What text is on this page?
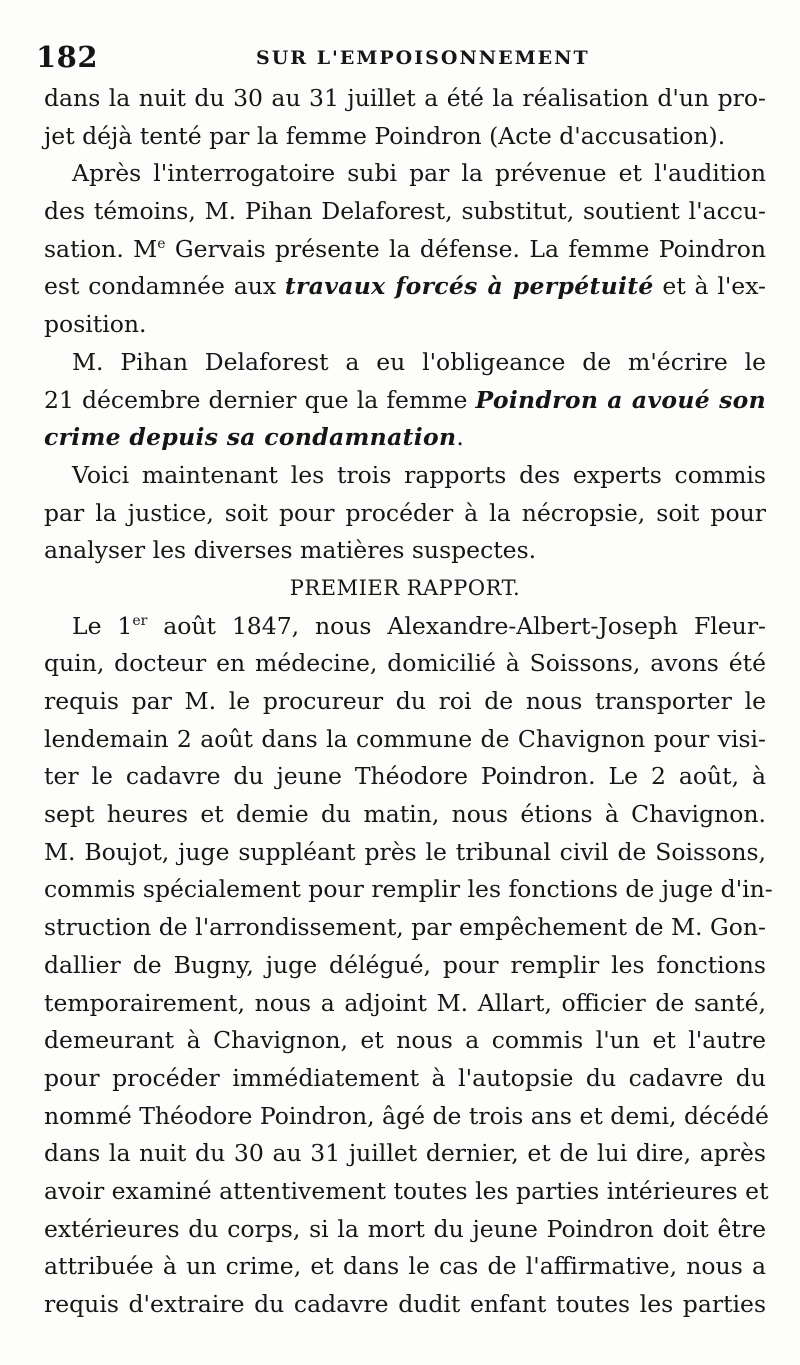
182	SUR L'EMPOISONNEMENT
dans la nuit du 30 au 31 juillet a été la réalisation d'un pro-
jet déjà tenté par la femme Poindron (Acte d'accusation).
Après l'interrogatoire subi par la prévenue et l'audition
des témoins, M. Pihan Delaforest, substitut, soutient l'accu-
sation. Me Gervais présente la défense. La femme Poindron
est condamnée aux travaux forcés à perpétuité et à l'ex-
position.
M. Pihan Delaforest a eu l'obligeance de m'écrire le
21 décembre dernier que la femme Poindron a avoué son
crime depuis sa condamnation.
Voici maintenant les trois rapports des experts commis
par la justice, soit pour procéder à la nécropsie, soit pour
analyser les diverses matières suspectes.
PREMIER RAPPORT.
Le 1er août 1847, nous Alexandre-Albert-Joseph Fleur-
quin, docteur en médecine, domicilié à Soissons, avons été
requis par M. le procureur du roi de nous transporter le
lendemain 2 août dans la commune de Chavignon pour visi-
ter le cadavre du jeune Théodore Poindron. Le 2 août, à
sept heures et demie du matin, nous étions à Chavignon.
M. Boujot, juge suppléant près le tribunal civil de Soissons,
commis spécialement pour remplir les fonctions de juge d'in-
struction de l'arrondissement, par empêchement de M. Gon-
dallier de Bugny, juge délégué, pour remplir les fonctions
temporairement, nous a adjoint M. Allart, officier de santé,
demeurant à Chavignon, et nous a commis l'un et l'autre
pour procéder immédiatement à l'autopsie du cadavre du
nommé Théodore Poindron, âgé de trois ans et demi, décédé
dans la nuit du 30 au 31 juillet dernier, et de lui dire, après
avoir examiné attentivement toutes les parties intérieures et
extérieures du corps, si la mort du jeune Poindron doit être
attribuée à un crime, et dans le cas de l'affirmative, nous a
requis d'extraire du cadavre dudit enfant toutes les parties
